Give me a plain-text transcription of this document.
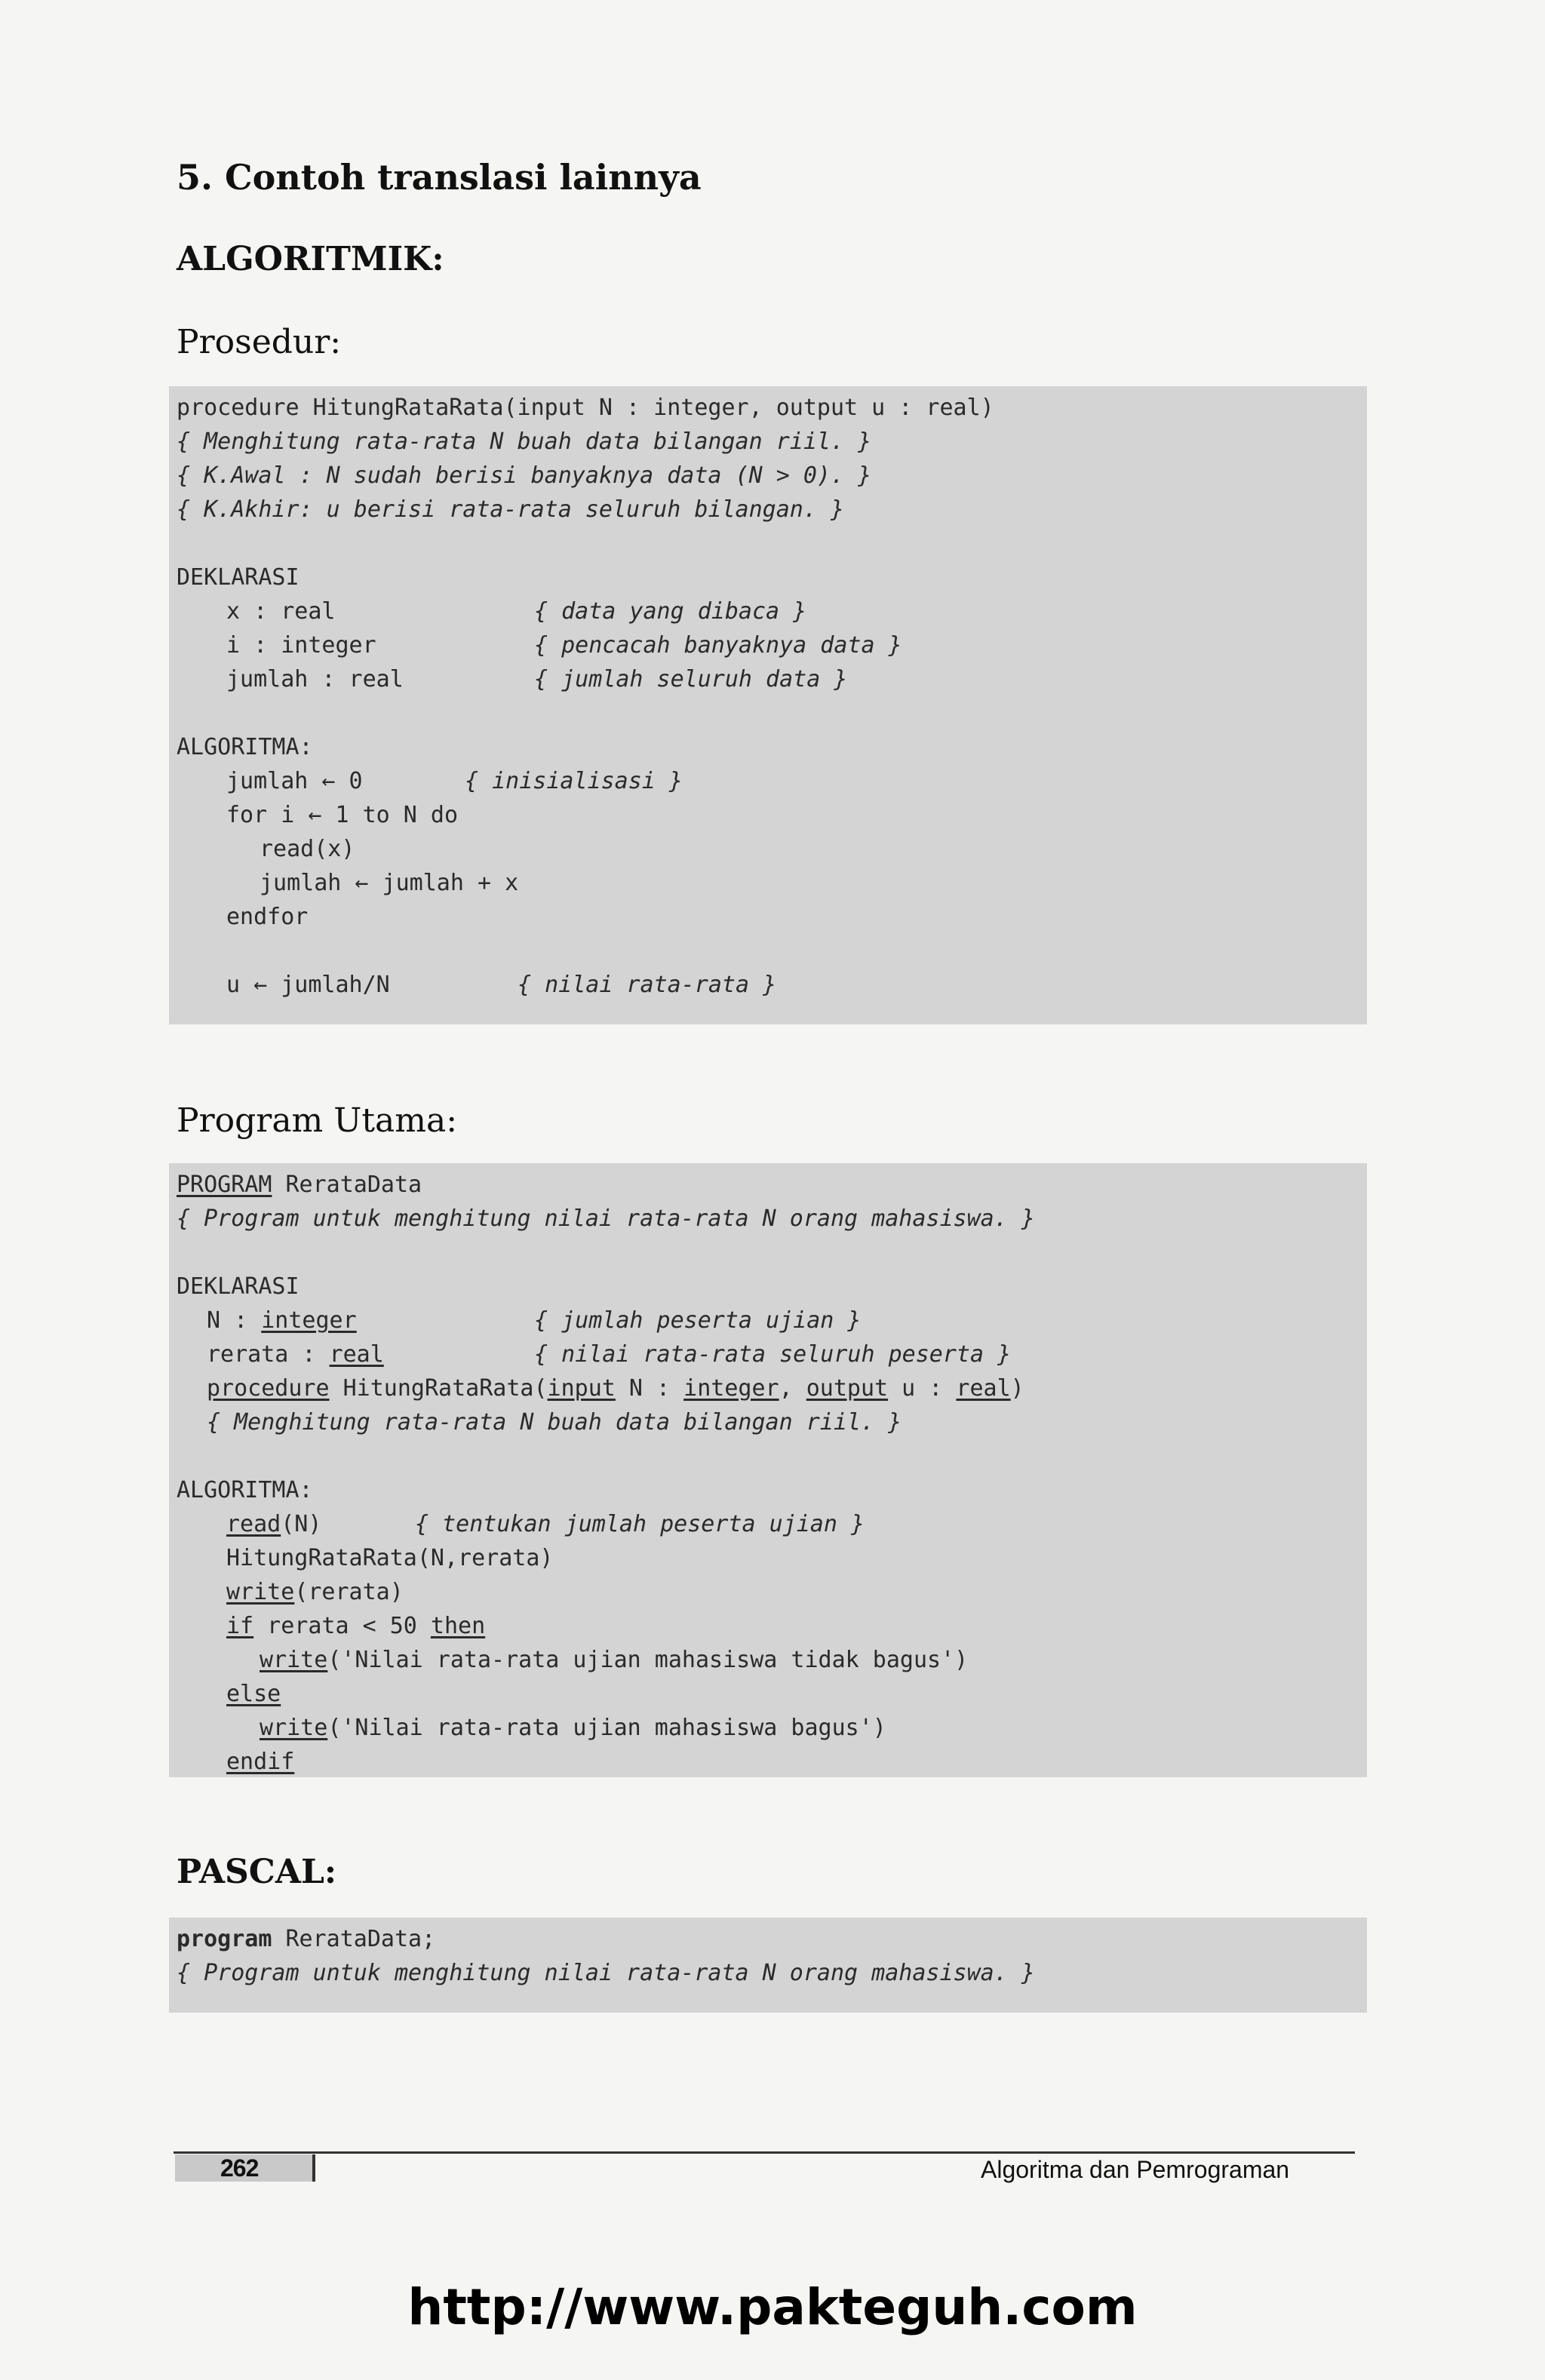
5. Contoh translasi lainnya
ALGORITMIK:
Prosedur:
procedure HitungRataRata(input N : integer, output u : real)
{ Menghitung rata-rata N buah data bilangan riil. }
{ K.Awal : N sudah berisi banyaknya data (N > 0). }
{ K.Akhir: u berisi rata-rata seluruh bilangan. }
DEKLARASI
x : real	{ data yang dibaca }
i : integer	{ pencacah banyaknya data }
jumlah : real	{ jumlah seluruh data }
ALGORITMA:
jumlah ← 0	{ inisialisasi }
for i ← 1 to N do
read(x)
jumlah ← jumlah + x
endfor
u ← jumlah/N	{ nilai rata-rata }
Program Utama:
PROGRAM RerataData
{ Program untuk menghitung nilai rata-rata N orang mahasiswa. }
DEKLARASI
N : integer	{ jumlah peserta ujian }
rerata : real	{ nilai rata-rata seluruh peserta }
procedure HitungRataRata(input N : integer, output u : real)
{ Menghitung rata-rata N buah data bilangan riil. }
ALGORITMA:
read(N)	{ tentukan jumlah peserta ujian }
HitungRataRata(N,rerata)
write(rerata)
if rerata < 50 then
write('Nilai rata-rata ujian mahasiswa tidak bagus')
else
write('Nilai rata-rata ujian mahasiswa bagus')
endif
PASCAL:
program RerataData;
{ Program untuk menghitung nilai rata-rata N orang mahasiswa. }
262	Algoritma dan Pemrograman
http://www.pakteguh.com
